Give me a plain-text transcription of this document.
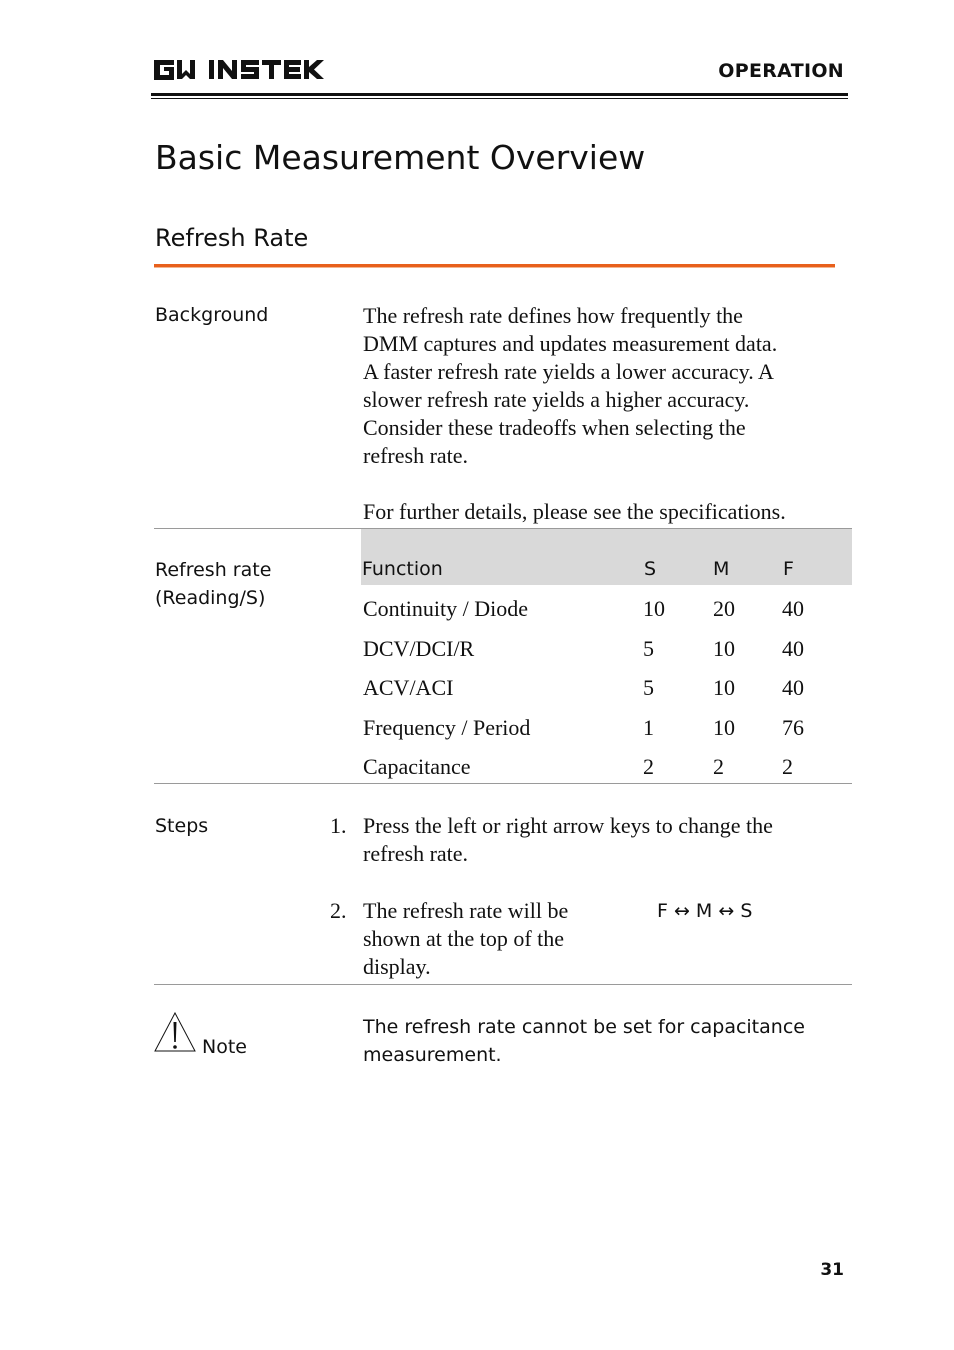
OPERATION
Basic Measurement Overview
Refresh Rate
Background	The refresh rate defines how frequently the
DMM captures and updates measurement data.
A faster refresh rate yields a lower accuracy. A
slower refresh rate yields a higher accuracy.
Consider these tradeoffs when selecting the
refresh rate.
For further details, please see the specifications.
Refresh rate
(Reading/S)
Function	S	M	F
Continuity / Diode	10 20 40
DCV/DCI/R	5	10 40
ACV/ACI	5	10 40
Frequency / Period	1	10 76
Capacitance	2	2	2
Steps	1. Press the left or right arrow keys to change the
refresh rate.
2. The refresh rate will be
shown at the top of the
display.
F ↔ M ↔ S
Note
The refresh rate cannot be set for capacitance
measurement.
31
